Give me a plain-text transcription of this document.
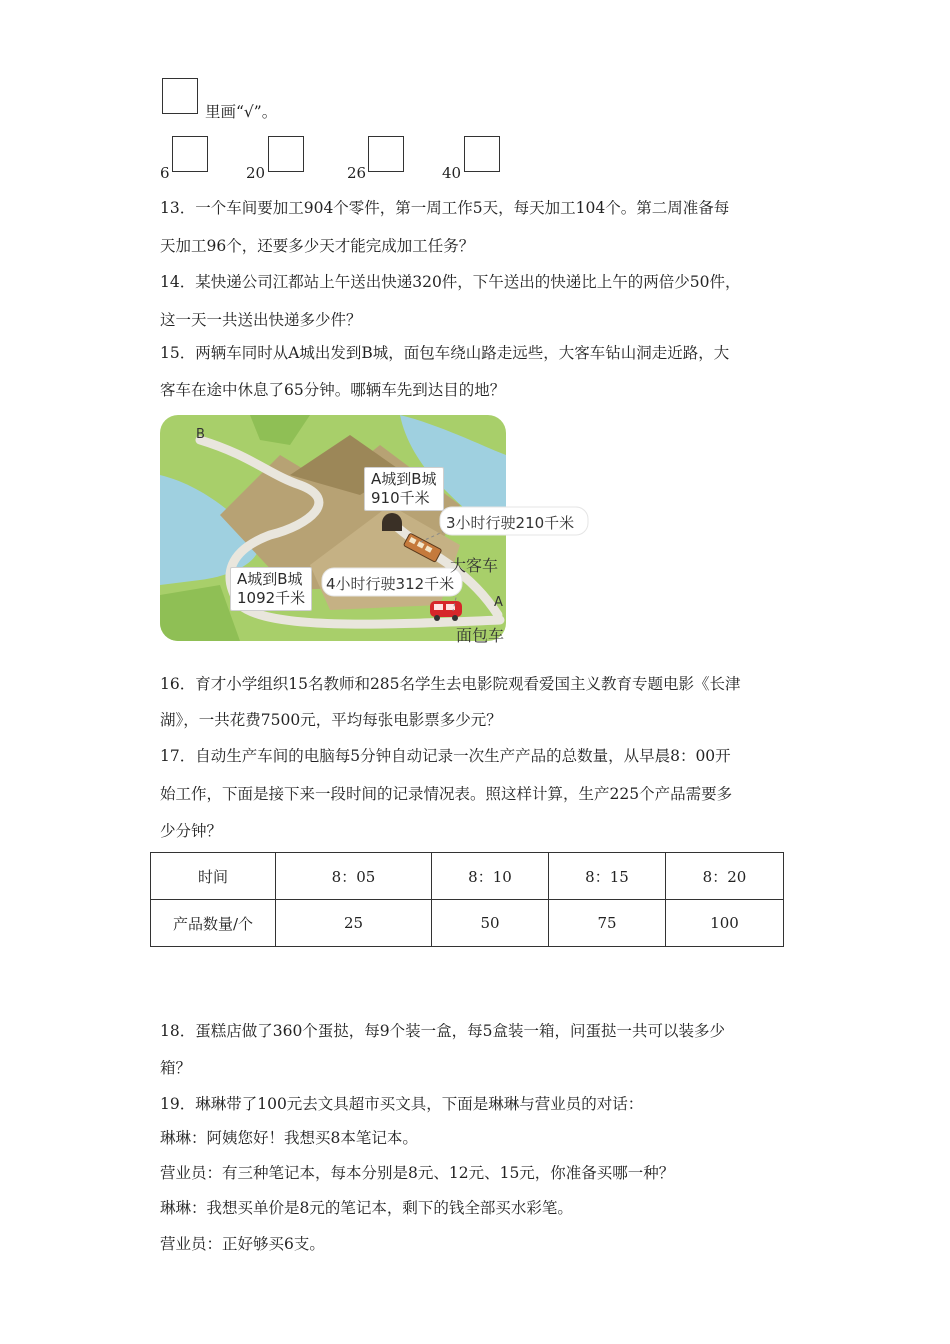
里画“√”。
6	20	26	40
13．一个车间要加工904个零件，第一周工作5天，每天加工104个。第二周准备每
天加工96个，还要多少天才能完成加工任务？
14．某快递公司江都站上午送出快递320件，下午送出的快递比上午的两倍少50件，
这一天一共送出快递多少件？
15．两辆车同时从A城出发到B城，面包车绕山路走远些，大客车钻山洞走近路，大
客车在途中休息了65分钟。哪辆车先到达目的地？
B
A
A城到B城
910千米
A城到B城
1092千米
3小时行驶210千米
4小时行驶312千米
大客车
面包车
16．育才小学组织15名教师和285名学生去电影院观看爱国主义教育专题电影《长津
湖》，一共花费7500元，平均每张电影票多少元？
17．自动生产车间的电脑每5分钟自动记录一次生产产品的总数量，从早晨8：00开
始工作，下面是接下来一段时间的记录情况表。照这样计算，生产225个产品需要多
少分钟？
时间	8：05	8：10	8：15	8：20
产品数量/个	25	50	75	100
18．蛋糕店做了360个蛋挞，每9个装一盒，每5盒装一箱，问蛋挞一共可以装多少
箱？
19．琳琳带了100元去文具超市买文具，下面是琳琳与营业员的对话：
琳琳：阿姨您好！我想买8本笔记本。
营业员：有三种笔记本，每本分别是8元、12元、15元，你准备买哪一种？
琳琳：我想买单价是8元的笔记本，剩下的钱全部买水彩笔。
营业员：正好够买6支。
